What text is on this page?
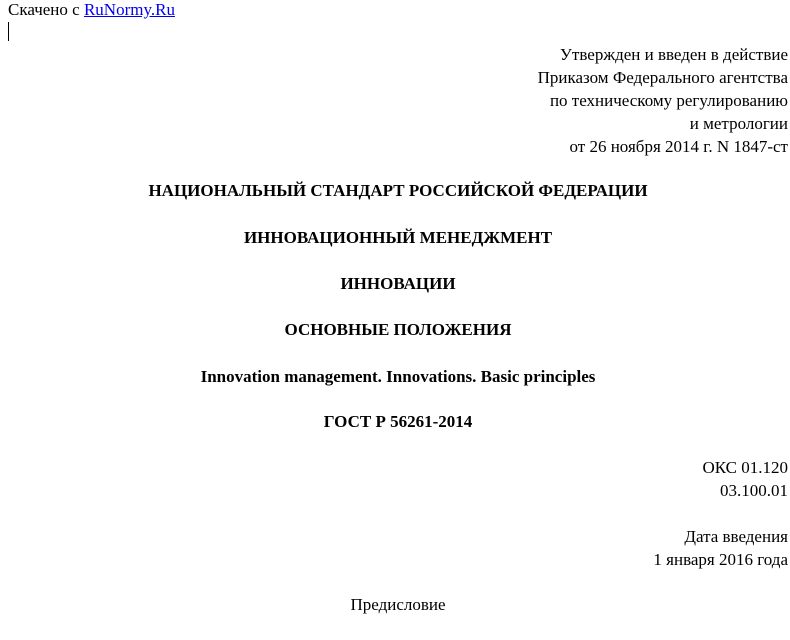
Скачено с RuNormy.Ru
Утвержден и введен в действие
Приказом Федерального агентства
по техническому регулированию
и метрологии
от 26 ноября 2014 г. N 1847-ст
НАЦИОНАЛЬНЫЙ СТАНДАРТ РОССИЙСКОЙ ФЕДЕРАЦИИ
ИННОВАЦИОННЫЙ МЕНЕДЖМЕНТ
ИННОВАЦИИ
ОСНОВНЫЕ ПОЛОЖЕНИЯ
Innovation management. Innovations. Basic principles
ГОСТ Р 56261-2014
ОКС 01.120
03.100.01
Дата введения
1 января 2016 года
Предисловие
